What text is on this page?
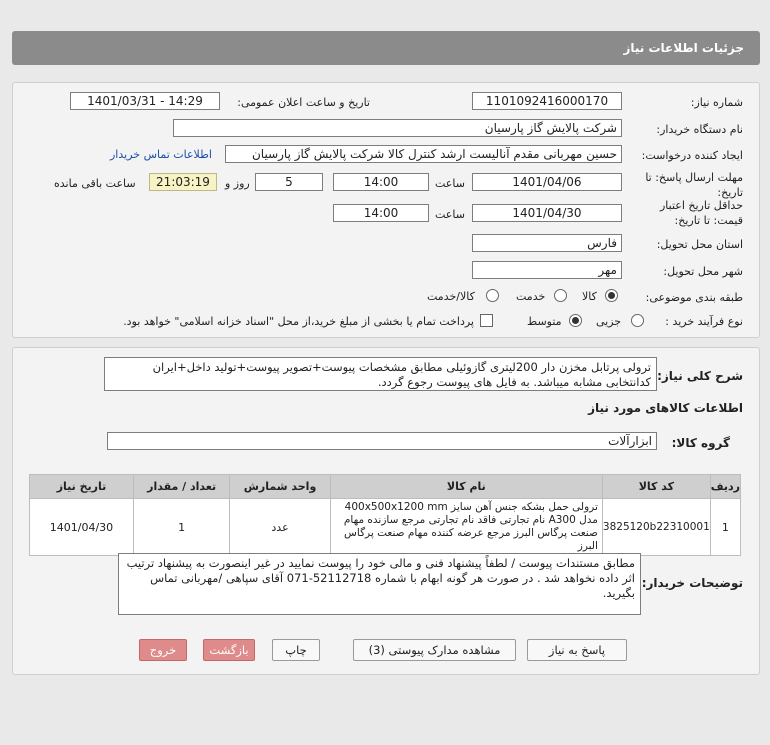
جزئیات اطلاعات نیاز
شماره نیاز:
1101092416000170
تاریخ و ساعت اعلان عمومی:
1401/03/31 - 14:29
نام دستگاه خریدار:
شرکت پالایش گاز پارسیان
ایجاد کننده درخواست:
حسین مهربانی مقدم آنالیست ارشد کنترل کالا شرکت پالایش گاز پارسیان
اطلاعات تماس خریدار
مهلت ارسال پاسخ: تا تاریخ:
1401/04/06
ساعت
14:00
5
روز و
21:03:19
ساعت باقی مانده
حداقل تاریخ اعتبار قیمت: تا تاریخ:
1401/04/30
ساعت
14:00
استان محل تحویل:
فارس
شهر محل تحویل:
مهر
طبقه بندی موضوعی:
کالا
خدمت
کالا/خدمت
نوع فرآیند خرید :
جزیی
متوسط
پرداخت تمام یا بخشی از مبلغ خرید،از محل "اسناد خزانه اسلامی" خواهد بود.
شرح کلی نیاز:
ترولی پرتابل مخزن دار 200لیتری گازوئیلی مطابق مشخصات پیوست+تصویر پیوست+تولید داخل+ایران کدانتخابی مشابه میباشد. به فایل های پیوست رجوع گردد.
اطلاعات کالاهای مورد نیاز
گروه کالا:
ابزارآلات
ردیف	کد کالا	نام کالا	واحد شمارش	تعداد / مقدار	تاریخ نیاز
1	3825120b22310001	ترولی حمل بشکه جنس آهن سایز 400x500x1200 mm مدل A300 نام تجارتی فاقد نام تجارتی مرجع سازنده مهام صنعت پرگاس البرز مرجع عرضه کننده مهام صنعت پرگاس البرز	عدد	1	1401/04/30
توضیحات خریدار:
مطابق مستندات پیوست / لطفاً پیشنهاد فنی و مالی خود را پیوست نمایید در غیر اینصورت به پیشنهاد ترتیب اثر داده نخواهد شد . در صورت هر گونه ابهام با شماره 52112718-071 آقای سپاهی /مهربانی تماس بگیرید.
پاسخ به نیاز
مشاهده مدارک پیوستی (3)
چاپ
بازگشت
خروج
